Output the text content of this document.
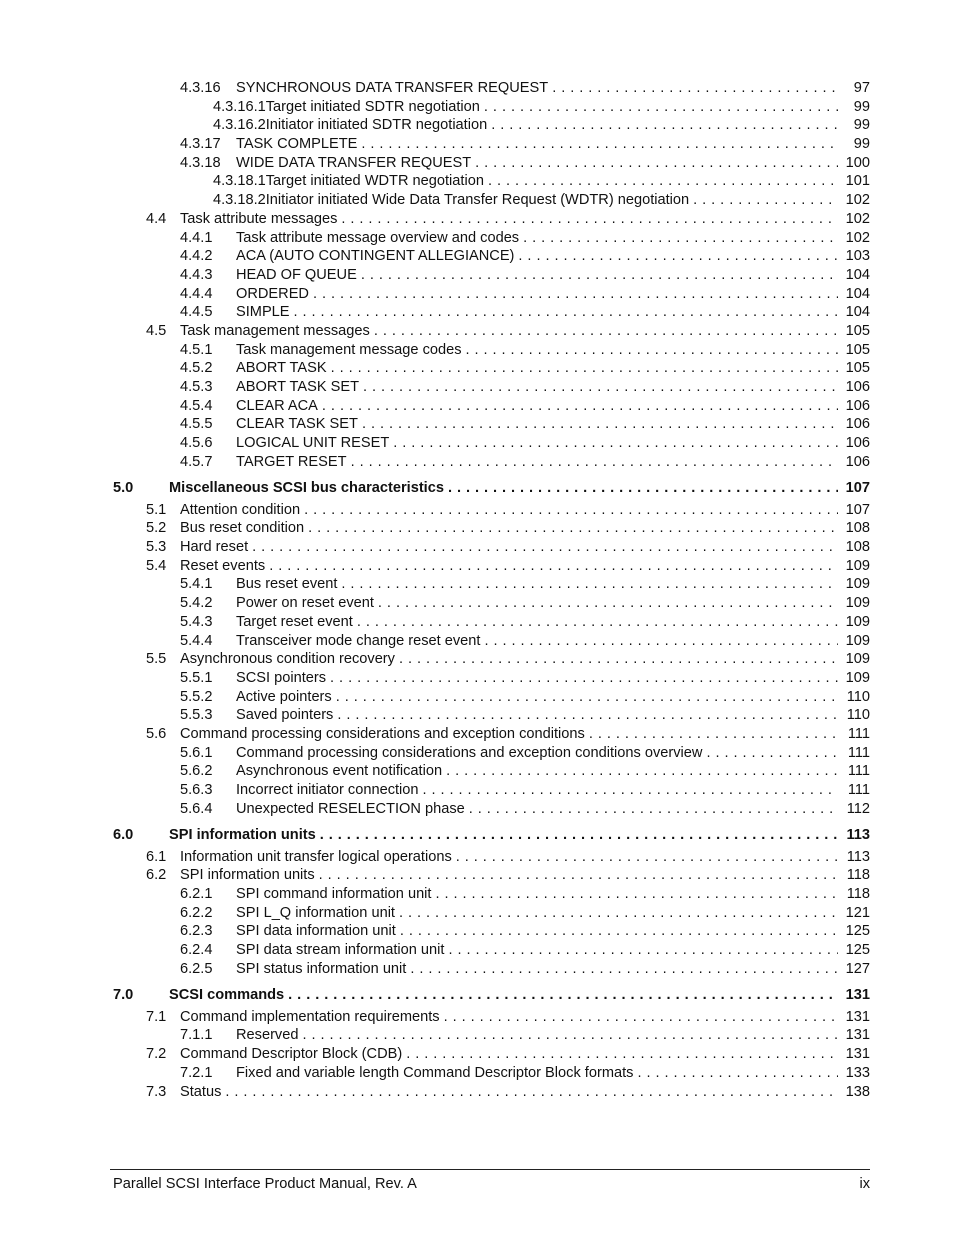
4.3.16 SYNCHRONOUS DATA TRANSFER REQUEST . . .	97
4.3.16.1Target initiated SDTR negotiation . . .	99
4.3.16.2Initiator initiated SDTR negotiation . . .	99
4.3.17 TASK COMPLETE . . .	99
4.3.18 WIDE DATA TRANSFER REQUEST . . .	100
4.3.18.1Target initiated WDTR negotiation . . .	101
4.3.18.2Initiator initiated Wide Data Transfer Request (WDTR) negotiation . . .	102
4.4 Task attribute messages . . .	102
4.4.1 Task attribute message overview and codes . . .	102
4.4.2 ACA (AUTO CONTINGENT ALLEGIANCE) . . .	103
4.4.3 HEAD OF QUEUE . . .	104
4.4.4 ORDERED . . .	104
4.4.5 SIMPLE . . .	104
4.5 Task management messages . . .	105
4.5.1 Task management message codes . . .	105
4.5.2 ABORT TASK . . .	105
4.5.3 ABORT TASK SET . . .	106
4.5.4 CLEAR ACA . . .	106
4.5.5 CLEAR TASK SET . . .	106
4.5.6 LOGICAL UNIT RESET . . .	106
4.5.7 TARGET RESET . . .	106
5.0 Miscellaneous SCSI bus characteristics . . .	107
5.1 Attention condition . . .	107
5.2 Bus reset condition . . .	108
5.3 Hard reset . . .	108
5.4 Reset events . . .	109
5.4.1 Bus reset event . . .	109
5.4.2 Power on reset event . . .	109
5.4.3 Target reset event . . .	109
5.4.4 Transceiver mode change reset event . . .	109
5.5 Asynchronous condition recovery . . .	109
5.5.1 SCSI pointers . . .	109
5.5.2 Active pointers . . .	110
5.5.3 Saved pointers . . .	110
5.6 Command processing considerations and exception conditions . . .	111
5.6.1 Command processing considerations and exception conditions overview . . .	111
5.6.2 Asynchronous event notification . . .	111
5.6.3 Incorrect initiator connection . . .	111
5.6.4 Unexpected RESELECTION phase . . .	112
6.0 SPI information units . . .	113
6.1 Information unit transfer logical operations . . .	113
6.2 SPI information units . . .	118
6.2.1 SPI command information unit . . .	118
6.2.2 SPI L_Q information unit . . .	121
6.2.3 SPI data information unit . . .	125
6.2.4 SPI data stream information unit . . .	125
6.2.5 SPI status information unit . . .	127
7.0 SCSI commands . . .	131
7.1 Command implementation requirements . . .	131
7.1.1 Reserved . . .	131
7.2 Command Descriptor Block (CDB) . . .	131
7.2.1 Fixed and variable length Command Descriptor Block formats . . .	133
7.3 Status . . .	138
Parallel SCSI Interface Product Manual, Rev. A	ix
